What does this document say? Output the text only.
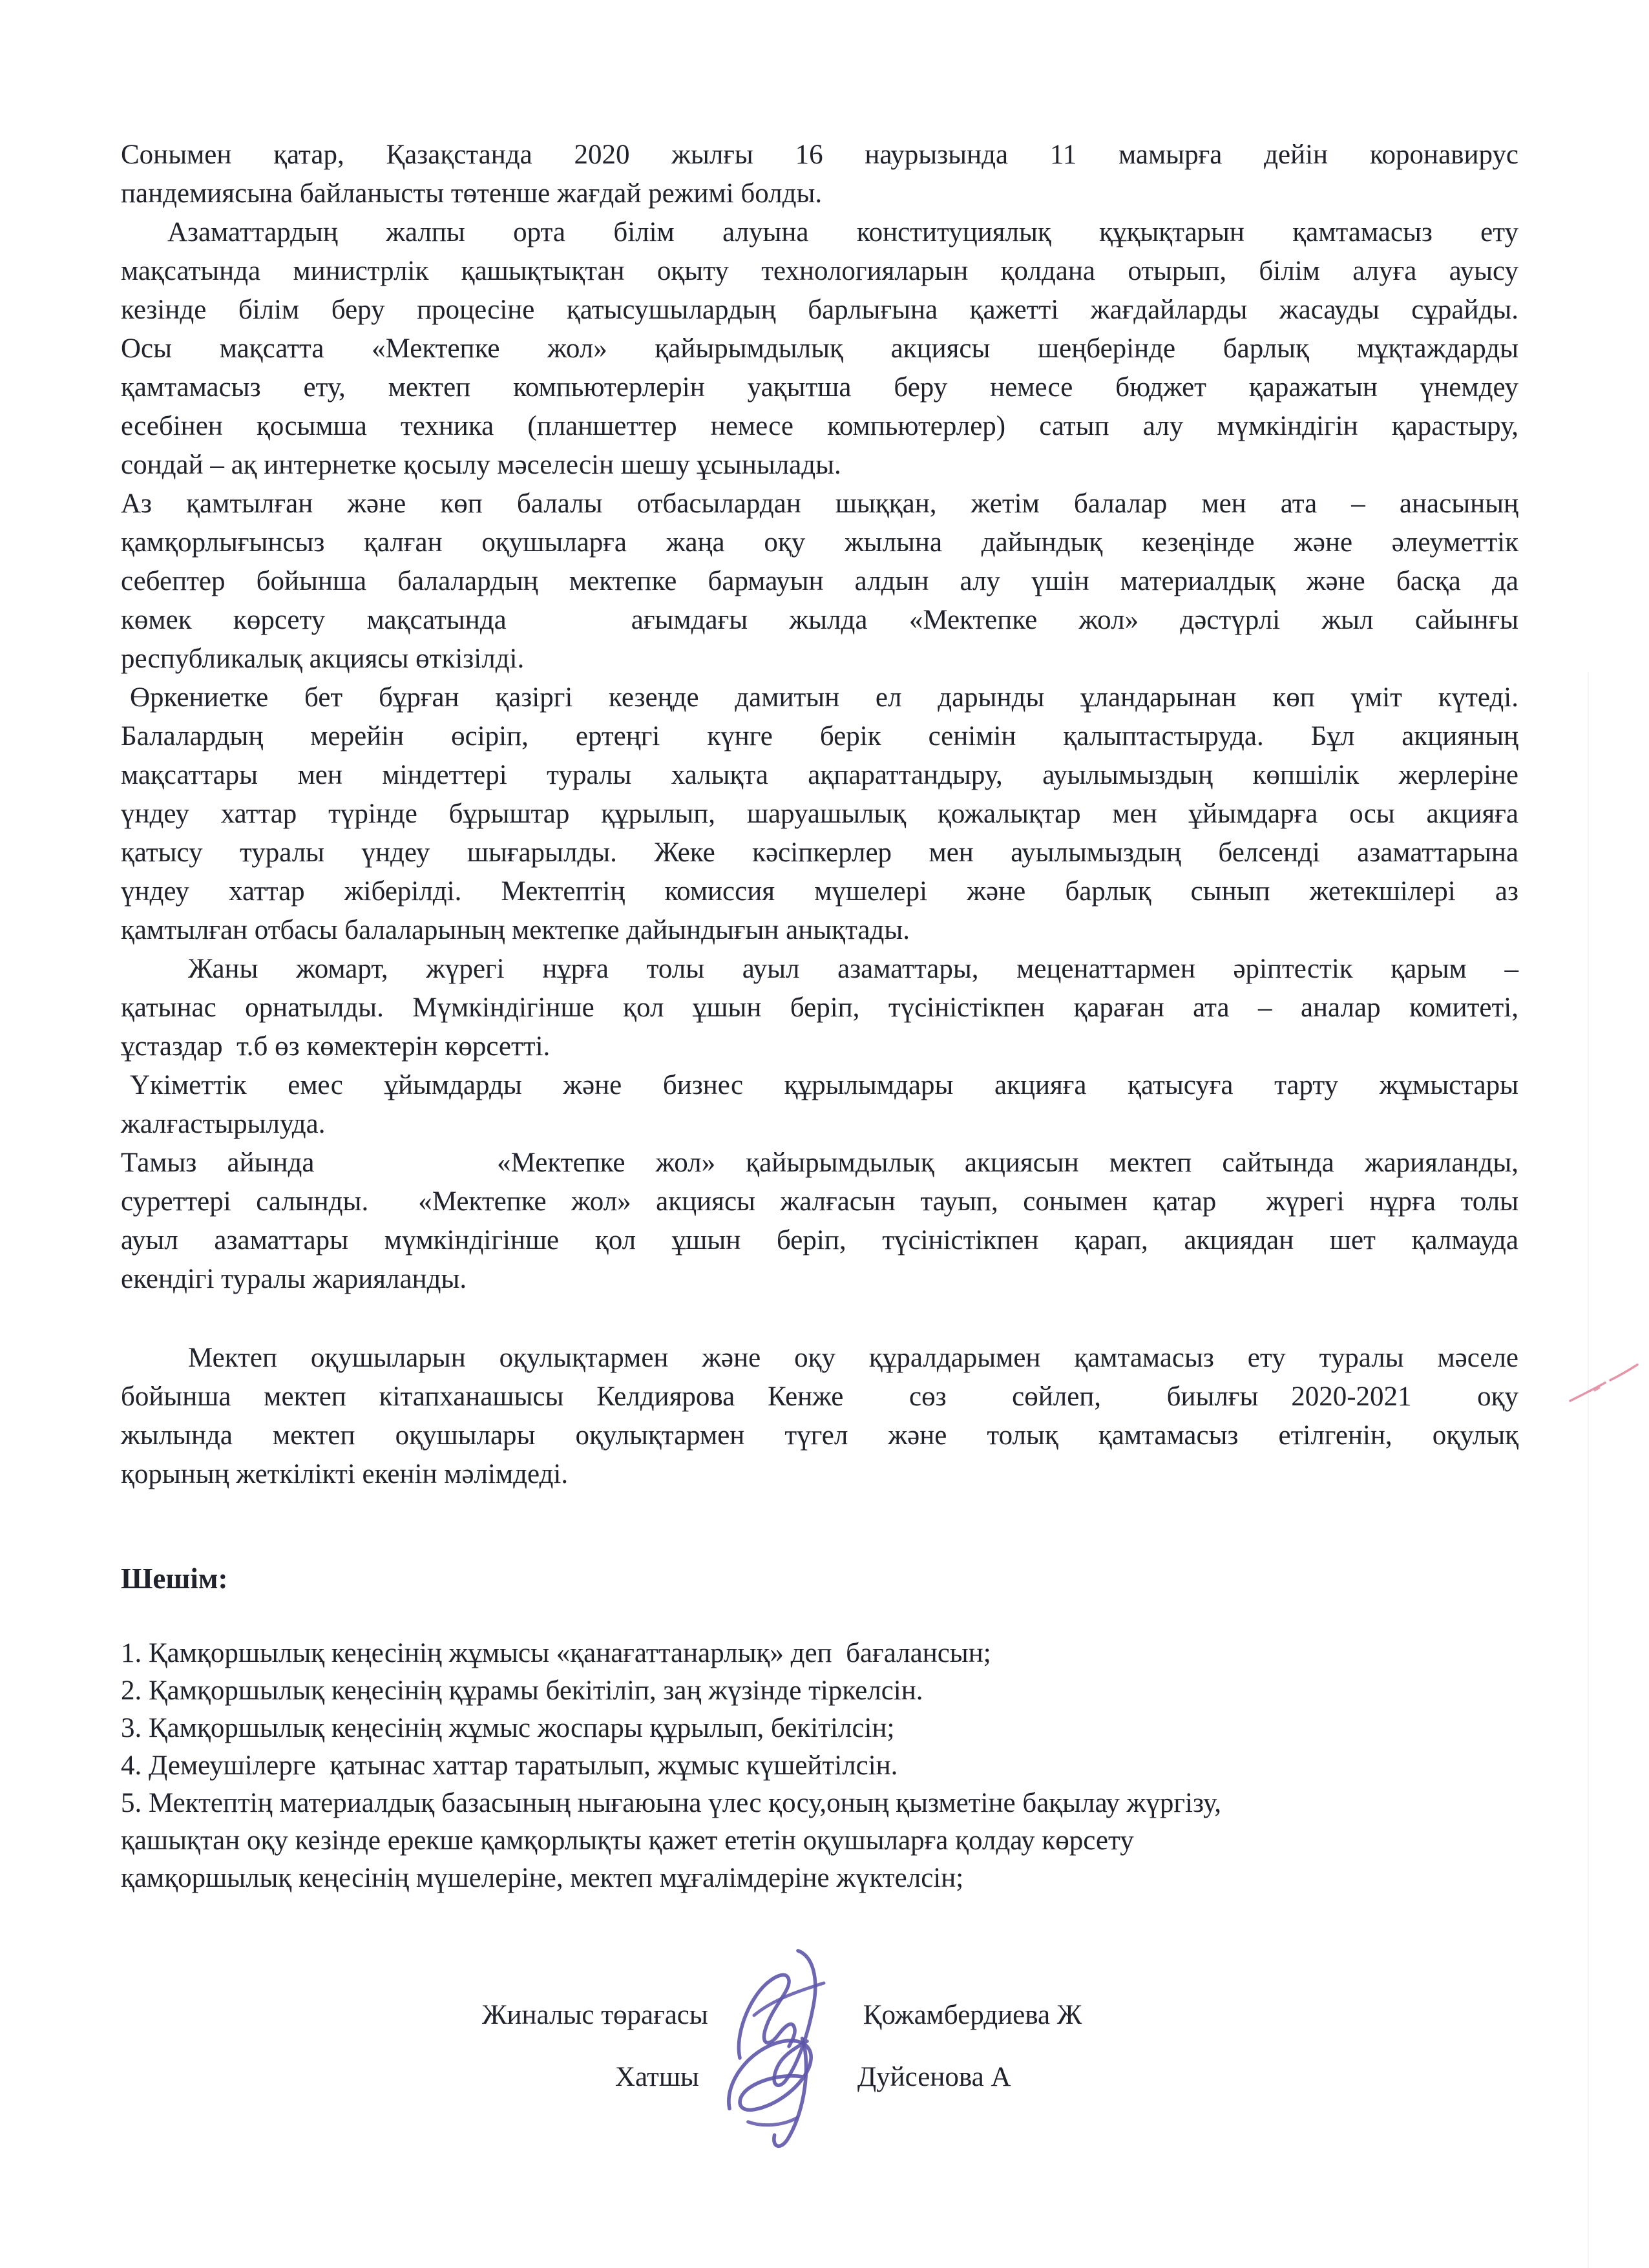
Сонымен қатар, Қазақстанда 2020 жылғы 16 наурызында 11 мамырға дейін коронавирус
пандемиясына байланысты төтенше жағдай режимі болды.
Азаматтардың жалпы орта білім алуына конституциялық құқықтарын қамтамасыз ету
мақсатында министрлік қашықтықтан оқыту технологияларын қолдана отырып, білім алуға ауысу
кезінде білім беру процесіне қатысушылардың барлығына қажетті жағдайларды жасауды сұрайды.
Осы мақсатта «Мектепке жол» қайырымдылық акциясы шеңберінде барлық мұқтаждарды
қамтамасыз ету, мектеп компьютерлерін уақытша беру немесе бюджет қаражатын үнемдеу
есебінен қосымша техника (планшеттер немесе компьютерлер) сатып алу мүмкіндігін қарастыру,
сондай – ақ интернетке қосылу мәселесін шешу ұсынылады.
Аз қамтылған және көп балалы отбасылардан шыққан, жетім балалар мен ата – анасының
қамқорлығынсыз қалған оқушыларға жаңа оқу жылына дайындық кезеңінде және әлеуметтік
себептер бойынша балалардың мектепке бармауын алдын алу үшін материалдық және басқа да
көмек көрсету мақсатында   ағымдағы жылда «Мектепке жол» дәстүрлі жыл сайынғы
республикалық акциясы өткізілді.
Өркениетке бет бұрған қазіргі кезеңде дамитын ел дарынды ұландарынан көп үміт күтеді.
Балалардың мерейін өсіріп, ертеңгі күнге берік сенімін қалыптастыруда. Бұл акцияның
мақсаттары мен міндеттері туралы халықта ақпараттандыру, ауылымыздың көпшілік жерлеріне
үндеу хаттар түрінде бұрыштар құрылып, шаруашылық қожалықтар мен ұйымдарға осы акцияға
қатысу туралы үндеу шығарылды. Жеке кәсіпкерлер мен ауылымыздың белсенді азаматтарына
үндеу хаттар жіберілді. Мектептің комиссия мүшелері және барлық сынып жетекшілері аз
қамтылған отбасы балаларының мектепке дайындығын анықтады.
Жаны жомарт, жүрегі нұрға толы ауыл азаматтары, меценаттармен әріптестік қарым –
қатынас орнатылды. Мүмкіндігінше қол ұшын беріп, түсіністікпен қараған ата – аналар комитеті,
ұстаздар  т.б өз көмектерін көрсетті.
Үкіметтік емес ұйымдарды және бизнес құрылымдары акцияға қатысуға тарту жұмыстары
жалғастырылуда.
Тамыз айында      «Мектепке жол» қайырымдылық акциясын мектеп сайтында жарияланды,
суреттері салынды.  «Мектепке жол» акциясы жалғасын тауып, сонымен қатар  жүрегі нұрға толы
ауыл азаматтары мүмкіндігінше қол ұшын беріп, түсіністікпен қарап, акциядан шет қалмауда
екендігі туралы жарияланды.
Мектеп оқушыларын оқулықтармен және оқу құралдарымен қамтамасыз ету туралы мәселе
бойынша мектеп кітапханашысы Келдиярова Кенже  сөз  сөйлеп,  биылғы 2020-2021  оқу
жылында мектеп оқушылары оқулықтармен түгел және толық қамтамасыз етілгенін, оқулық
қорының жеткілікті екенін мәлімдеді.
Шешім:
1. Қамқоршылық кеңесінің жұмысы «қанағаттанарлық» деп  бағалансын;
2. Қамқоршылық кеңесінің құрамы бекітіліп, заң жүзінде тіркелсін.
3. Қамқоршылық кеңесінің жұмыс жоспары құрылып, бекітілсін;
4. Демеушілерге  қатынас хаттар таратылып, жұмыс күшейтілсін.
5. Мектептің материалдық базасының нығаюына үлес қосу,оның қызметіне бақылау жүргізу,
қашықтан оқу кезінде ерекше қамқорлықты қажет ететін оқушыларға қолдау көрсету
қамқоршылық кеңесінің мүшелеріне, мектеп мұғалімдеріне жүктелсін;
Жиналыс төрағасы	Қожамбердиева Ж
Хатшы	Дуйсенова А
